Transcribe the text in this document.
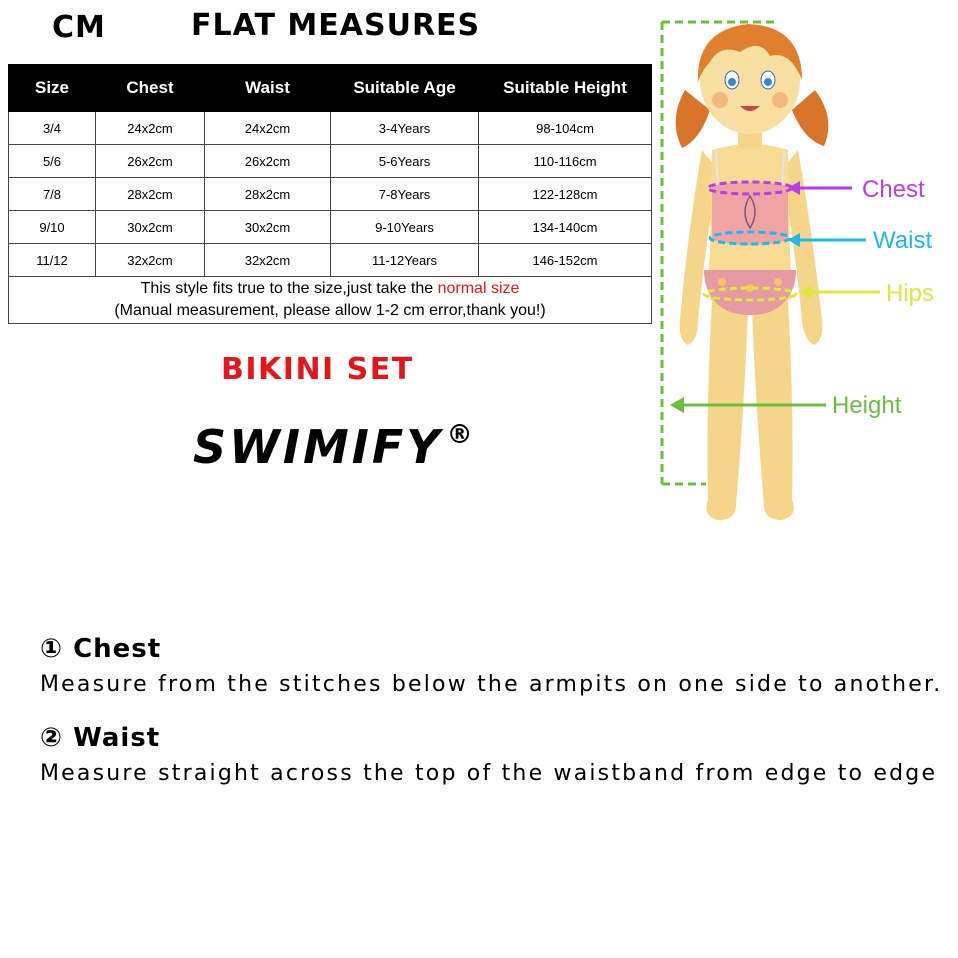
CM	FLAT MEASURES
Size	Chest	Waist	Suitable Age	Suitable Height
3/4	24x2cm	24x2cm	3-4Years	98-104cm
5/6	26x2cm	26x2cm	5-6Years	110-116cm
7/8	28x2cm	28x2cm	7-8Years	122-128cm
9/10	30x2cm	30x2cm	9-10Years	134-140cm
11/12	32x2cm	32x2cm	11-12Years	146-152cm
This style fits true to the size,just take the normal size
(Manual measurement, please allow 1-2 cm error,thank you!)				
BIKINI SET
SWIMIFY ®
Chest
Waist
Hips
Height
① Chest
Measure from the stitches below the armpits on one side to another.
② Waist
Measure straight across the top of the waistband from edge to edge
